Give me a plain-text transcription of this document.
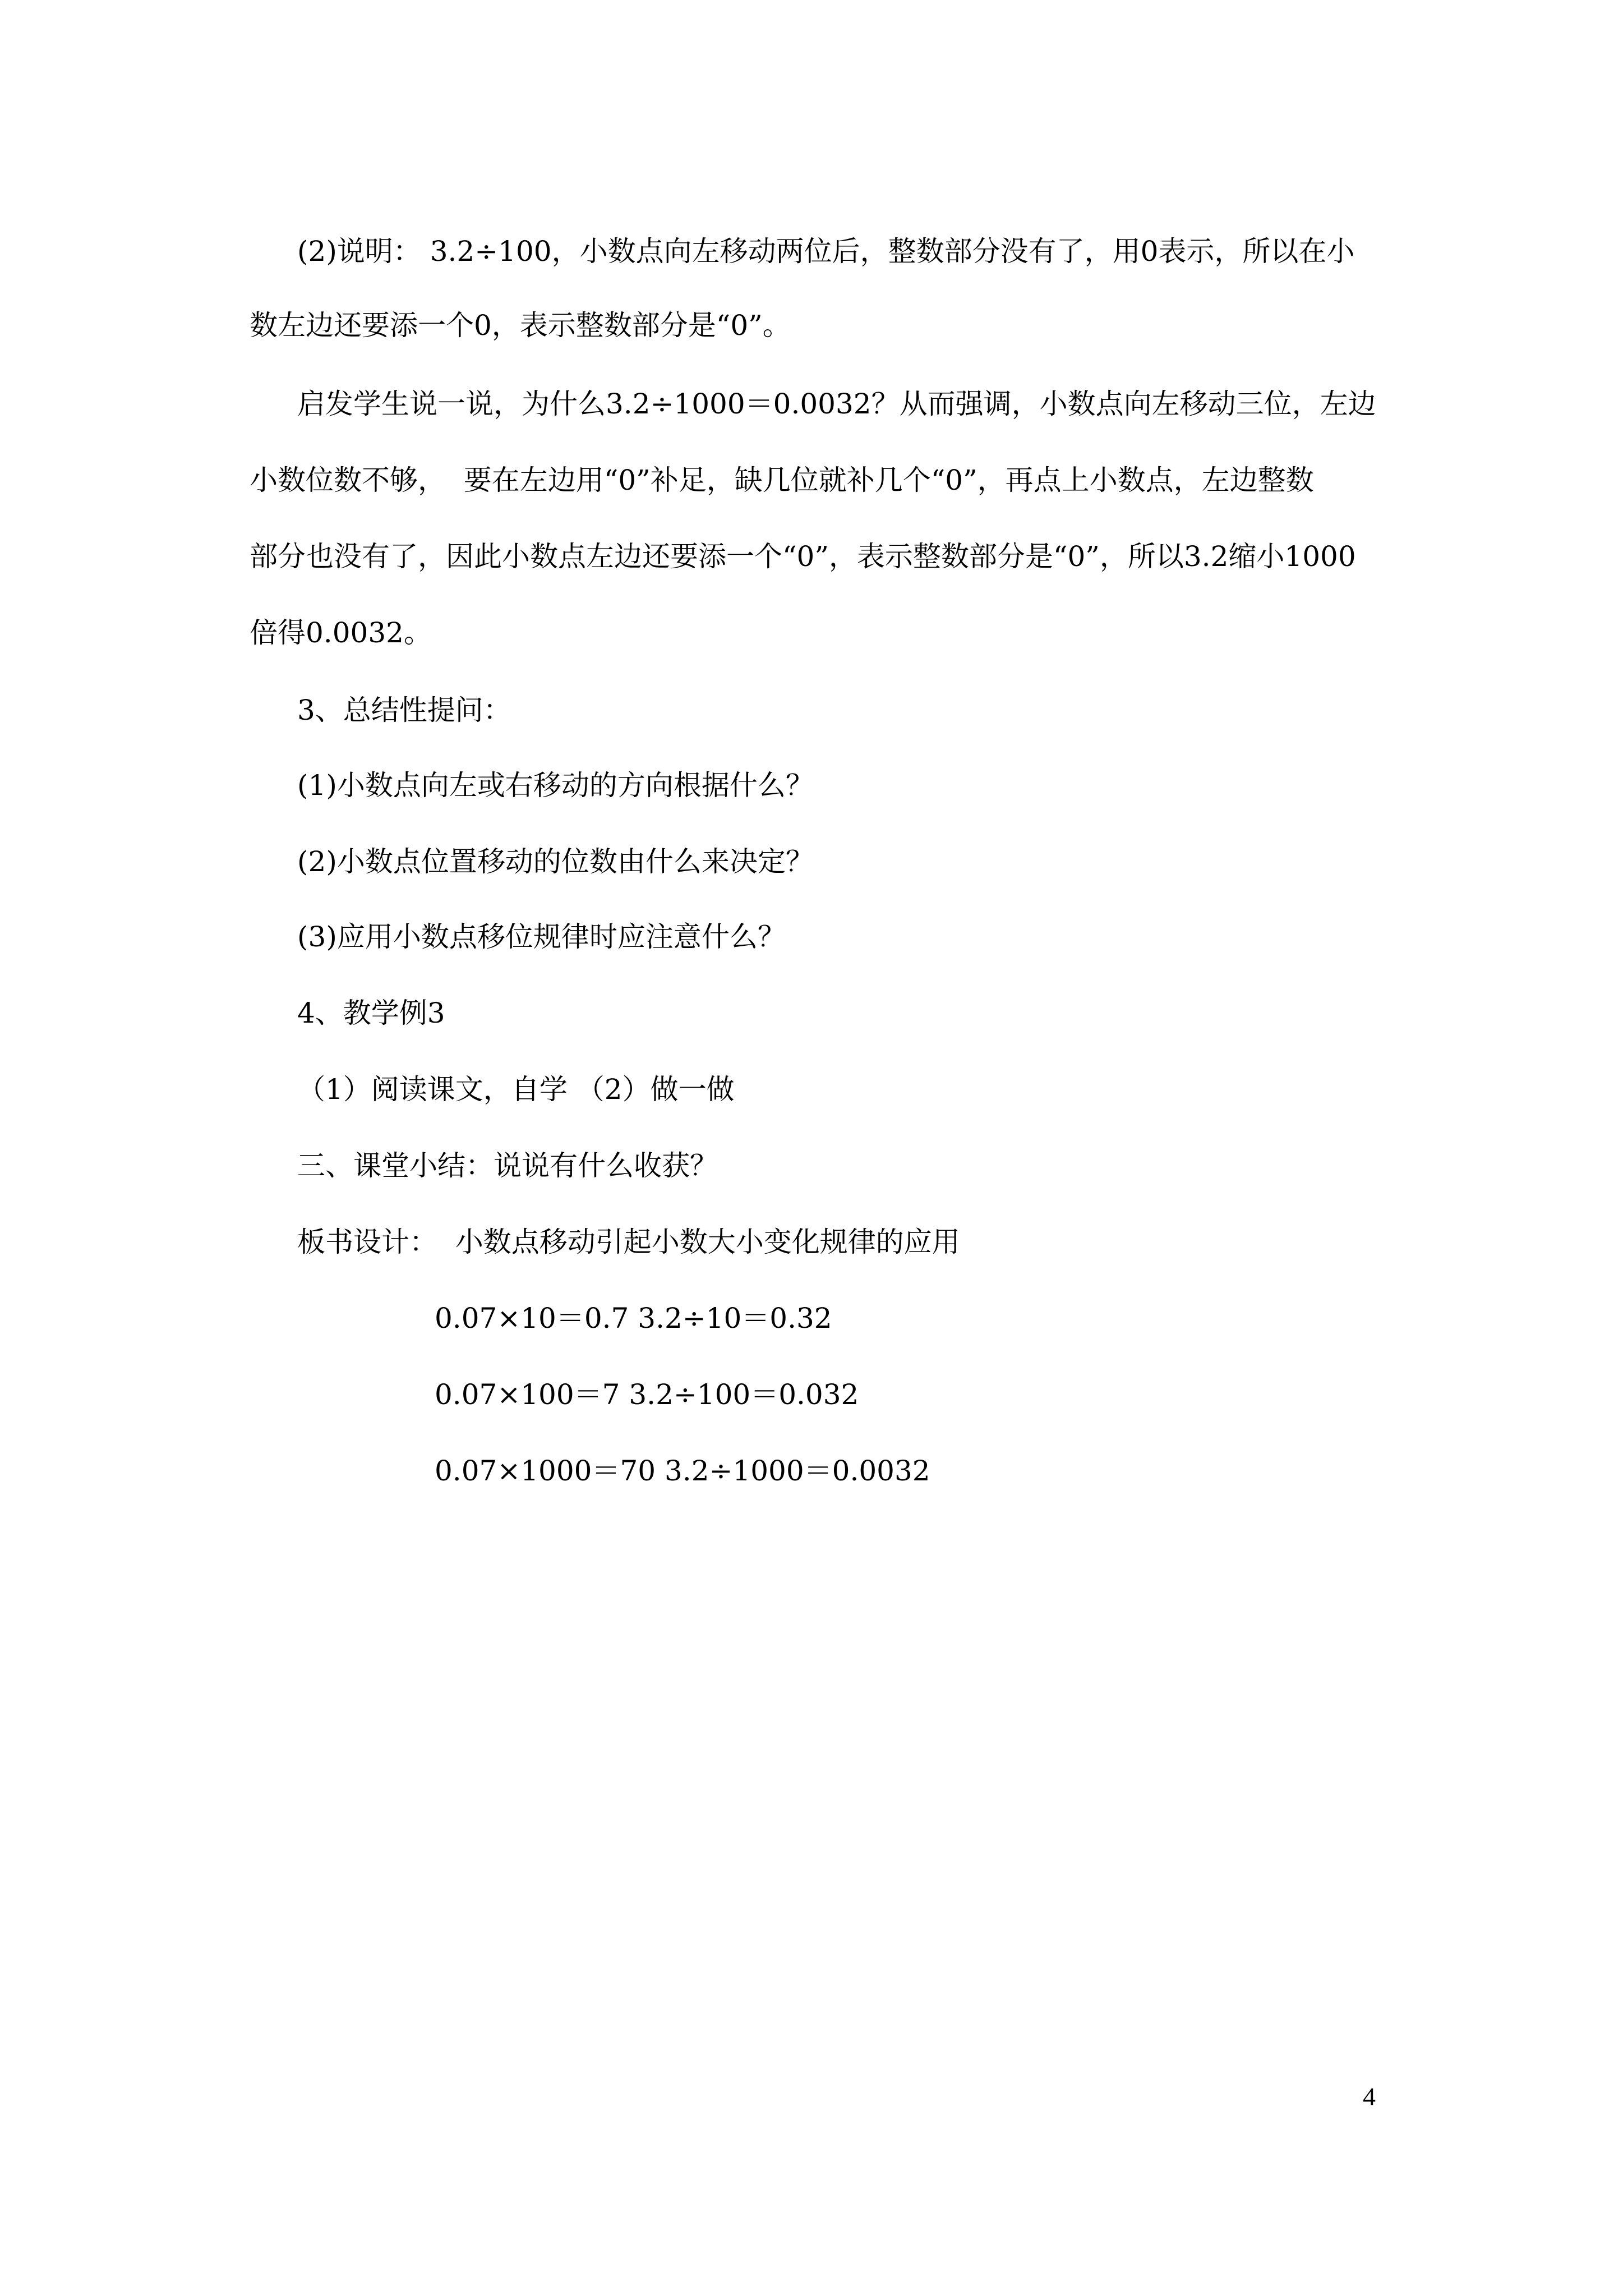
(2)说明： 3.2÷100，小数点向左移动两位后，整数部分没有了，用0表示，所以在小
数左边还要添一个0，表示整数部分是“0”。
启发学生说一说，为什么3.2÷1000＝0.0032？从而强调，小数点向左移动三位，左边
小数位数不够，  要在左边用“0”补足，缺几位就补几个“0”，再点上小数点，左边整数
部分也没有了，因此小数点左边还要添一个“0”，表示整数部分是“0”，所以3.2缩小1000
倍得0.0032。
3、总结性提问：
(1)小数点向左或右移动的方向根据什么？
(2)小数点位置移动的位数由什么来决定？
(3)应用小数点移位规律时应注意什么？
4、教学例3
（1）阅读课文，自学 （2）做一做
三、课堂小结：说说有什么收获？
板书设计：  小数点移动引起小数大小变化规律的应用
0.07×10＝0.7 3.2÷10＝0.32
0.07×100＝7 3.2÷100＝0.032
0.07×1000＝70 3.2÷1000＝0.0032
4
